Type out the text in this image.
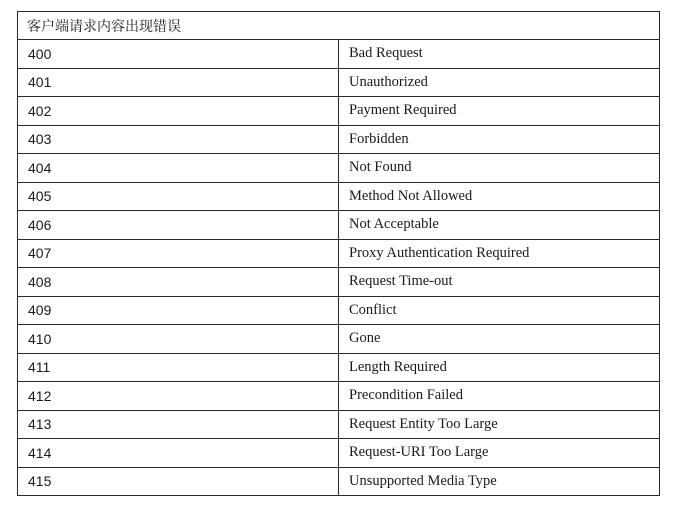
客户端请求内容出现错误	
400	Bad Request
401	Unauthorized
402	Payment Required
403	Forbidden
404	Not Found
405	Method Not Allowed
406	Not Acceptable
407	Proxy Authentication Required
408	Request Time-out
409	Conflict
410	Gone
411	Length Required
412	Precondition Failed
413	Request Entity Too Large
414	Request-URI Too Large
415	Unsupported Media Type
